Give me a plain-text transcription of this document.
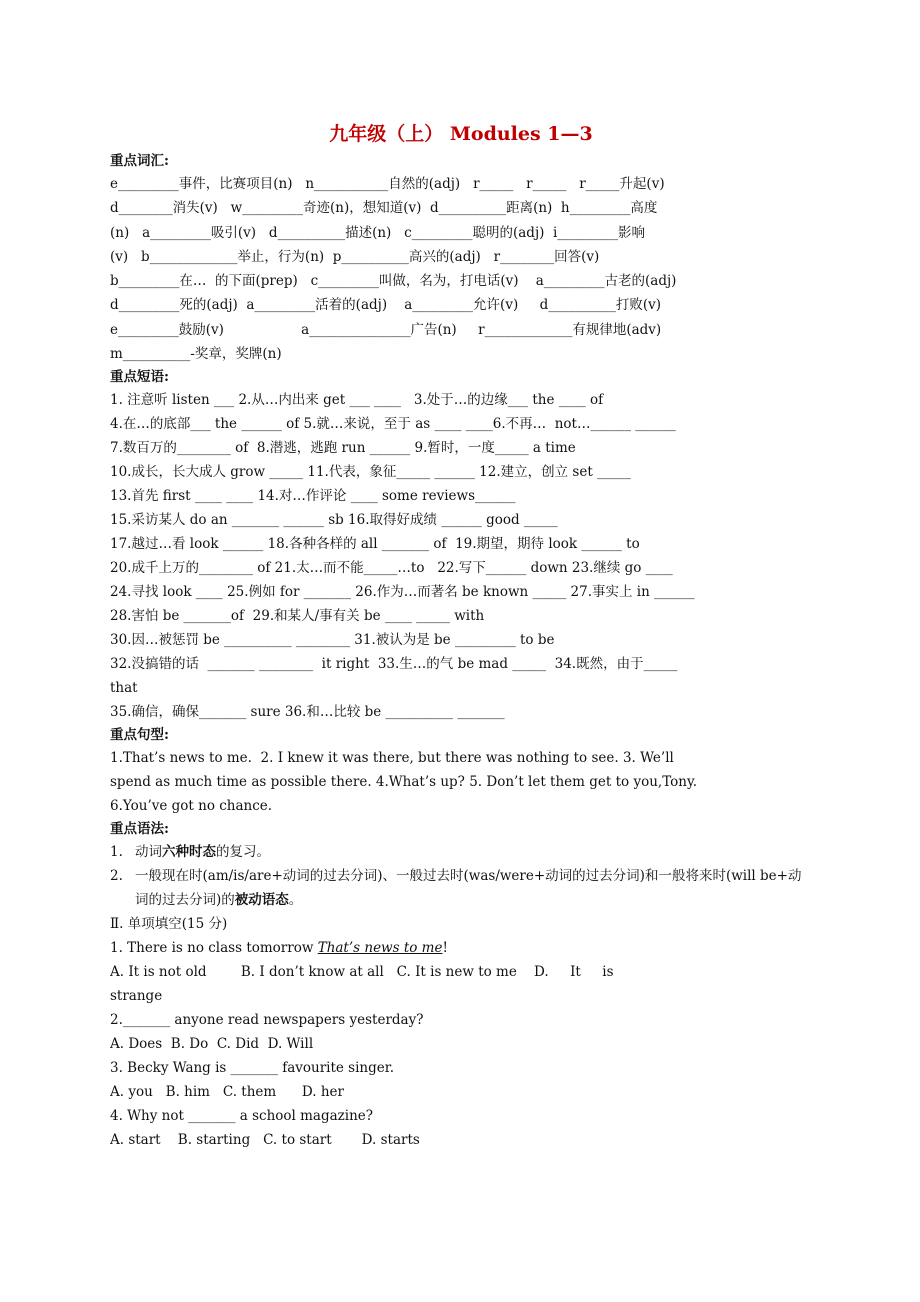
九年级（上） Modules 1—3
重点词汇:
e_________事件，比赛项目(n)   n___________自然的(adj)   r_____   r_____   r_____升起(v)
d________消失(v)   w_________奇迹(n)，想知道(v)  d__________距离(n)  h_________高度
(n)   a_________吸引(v)   d__________描述(n)   c_________聪明的(adj)  i_________影响
(v)   b_____________举止，行为(n)  p__________高兴的(adj)   r________回答(v)
b_________在…  的下面(prep)   c_________叫做，名为，打电话(v)    a_________古老的(adj)
d_________死的(adj)  a_________活着的(adj)    a_________允许(v)     d__________打败(v)
e_________鼓励(v)                  a_______________广告(n)     r_____________有规律地(adv)
m__________-奖章，奖牌(n)
重点短语:
1. 注意听 listen ___ 2.从…内出来 get ___ ____   3.处于…的边缘___ the ____ of
4.在…的底部___ the ______ of 5.就…来说，至于 as ____ ____6.不再…  not…______ ______
7.数百万的________ of  8.潜逃，逃跑 run ______ 9.暂时，一度_____ a time
10.成长，长大成人 grow _____ 11.代表，象征_____ ______ 12.建立，创立 set _____
13.首先 first ____ ____ 14.对…作评论 ____ some reviews______
15.采访某人 do an _______ ______ sb 16.取得好成绩 ______ good _____
17.越过…看 look ______ 18.各种各样的 all _______ of  19.期望，期待 look ______ to
20.成千上万的________ of 21.太…而不能_____…to   22.写下______ down 23.继续 go ____
24.寻找 look ____ 25.例如 for _______ 26.作为…而著名 be known _____ 27.事实上 in ______
28.害怕 be _______of  29.和某人/事有关 be ____ _____ with
30.因…被惩罚 be __________ ________ 31.被认为是 be _________ to be
32.没搞错的话  _______ ________  it right  33.生…的气 be mad _____  34.既然，由于_____
that
35.确信，确保_______ sure 36.和…比较 be __________ _______
重点句型:
1.That’s news to me.  2. I knew it was there, but there was nothing to see. 3. We’ll
spend as much time as possible there. 4.What’s up? 5. Don’t let them get to you,Tony.
6.You’ve got no chance.
重点语法:
1. 动词六种时态的复习。
2. 一般现在时(am/is/are+动词的过去分词)、一般过去时(was/were+动词的过去分词)和一般将来时(will be+动词的过去分词)的被动语态。
Ⅱ. 单项填空(15 分)
1. There is no class tomorrow That’s news to me!
A. It is not old        B. I don’t know at all   C. It is new to me    D.     It     is
strange
2._______ anyone read newspapers yesterday?
A. Does  B. Do  C. Did  D. Will
3. Becky Wang is _______ favourite singer.
A. you   B. him   C. them      D. her
4. Why not _______ a school magazine?
A. start    B. starting   C. to start       D. starts
